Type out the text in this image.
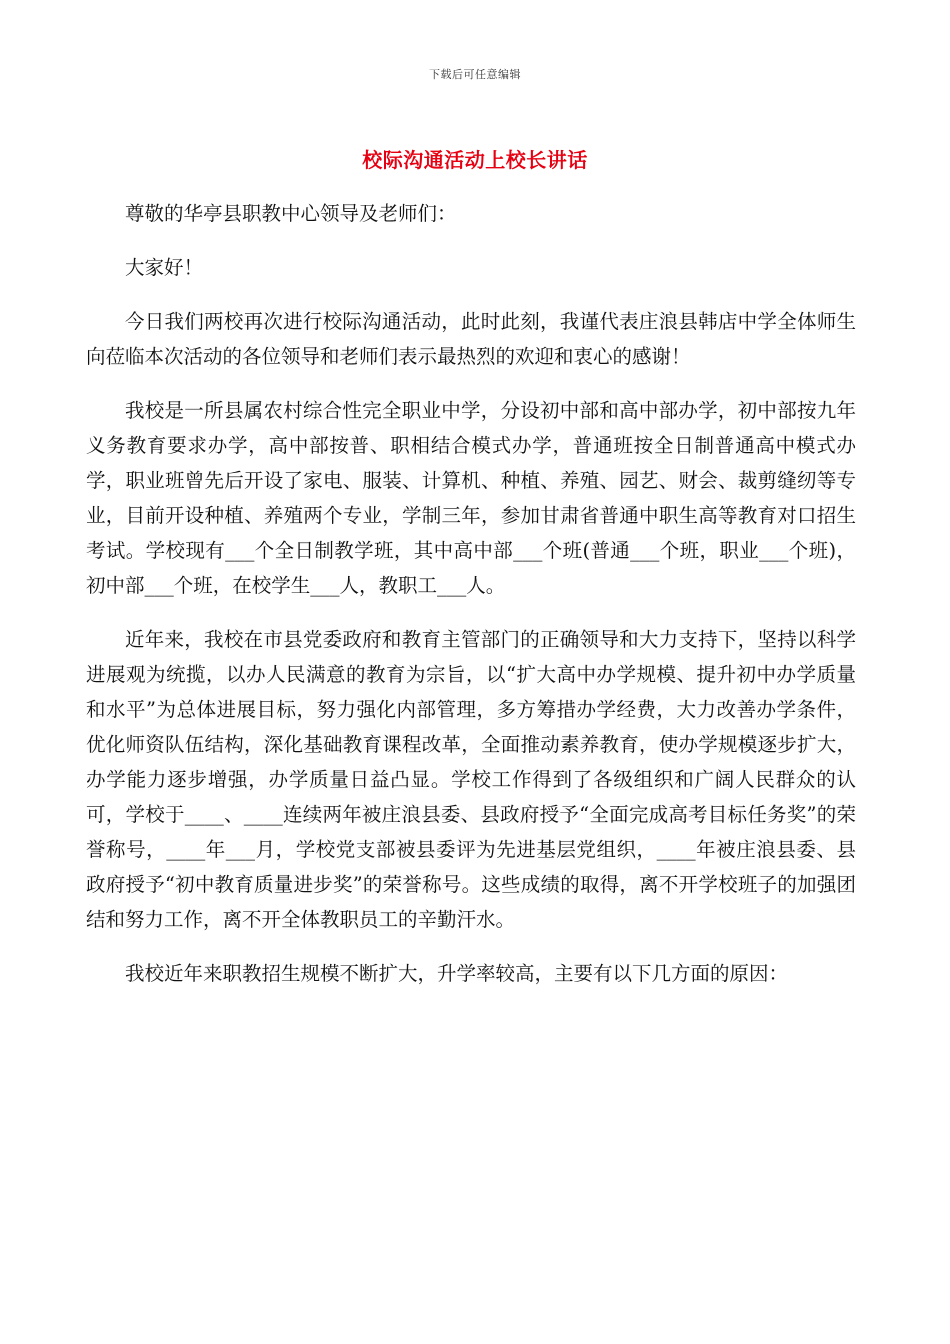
下载后可任意编辑
校际沟通活动上校长讲话

尊敬的华亭县职教中心领导及老师们：

大家好！

今日我们两校再次进行校际沟通活动，此时此刻，我谨代表庄浪县韩店中学全体师生向莅临本次活动的各位领导和老师们表示最热烈的欢迎和衷心的感谢！

我校是一所县属农村综合性完全职业中学，分设初中部和高中部办学，初中部按九年义务教育要求办学，高中部按普、职相结合模式办学，普通班按全日制普通高中模式办学，职业班曾先后开设了家电、服装、计算机、种植、养殖、园艺、财会、裁剪缝纫等专业，目前开设种植、养殖两个专业，学制三年，参加甘肃省普通中职生高等教育对口招生考试。学校现有___个全日制教学班，其中高中部___个班(普通___个班，职业___个班)，初中部___个班，在校学生___人，教职工___人。

近年来，我校在市县党委政府和教育主管部门的正确领导和大力支持下，坚持以科学进展观为统揽，以办人民满意的教育为宗旨，以“扩大高中办学规模、提升初中办学质量和水平”为总体进展目标，努力强化内部管理，多方筹措办学经费，大力改善办学条件，优化师资队伍结构，深化基础教育课程改革，全面推动素养教育，使办学规模逐步扩大，办学能力逐步增强，办学质量日益凸显。学校工作得到了各级组织和广阔人民群众的认可，学校于____、____连续两年被庄浪县委、县政府授予“全面完成高考目标任务奖”的荣誉称号，____年___月，学校党支部被县委评为先进基层党组织，____年被庄浪县委、县政府授予“初中教育质量进步奖”的荣誉称号。这些成绩的取得，离不开学校班子的加强团结和努力工作，离不开全体教职员工的辛勤汗水。

我校近年来职教招生规模不断扩大，升学率较高，主要有以下几方面的原因：
